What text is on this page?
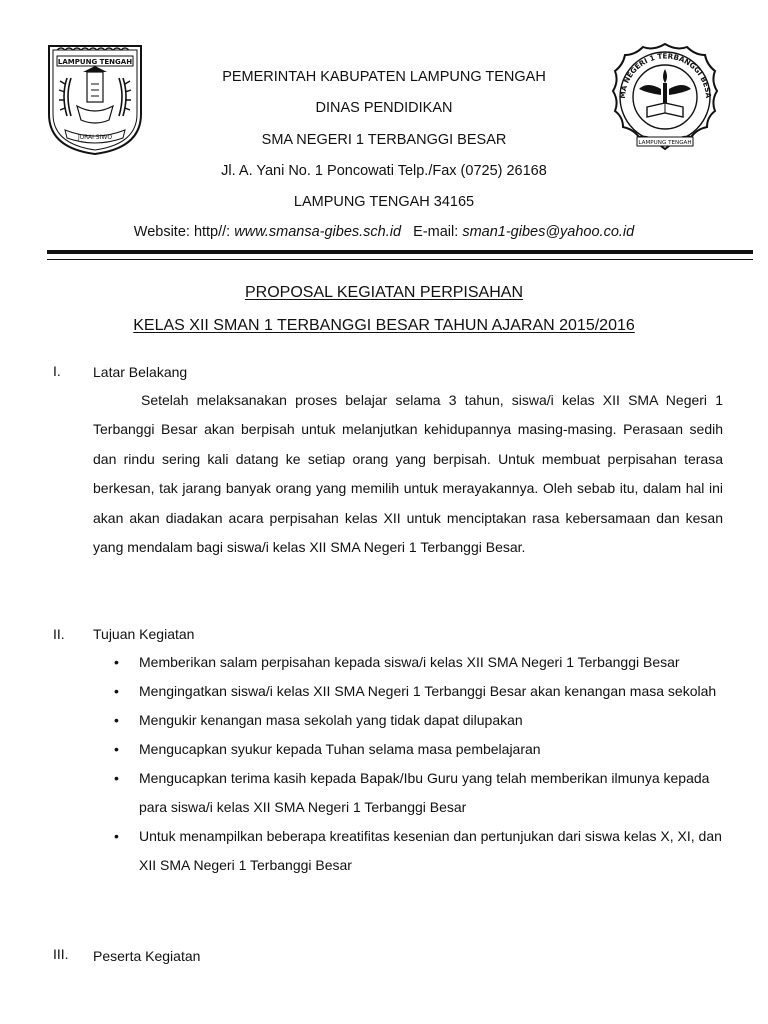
LAMPUNG TENGAH
JURAI SIWO
MA NEGERI 1 TERBANGGI BESA
LAMPUNG TENGAH
PEMERINTAH KABUPATEN LAMPUNG TENGAH
DINAS PENDIDIKAN
SMA NEGERI 1 TERBANGGI BESAR
Jl. A. Yani No. 1 Poncowati Telp./Fax (0725) 26168
LAMPUNG TENGAH 34165
Website: http//: www.smansa-gibes.sch.id   E-mail: sman1-gibes@yahoo.co.id
PROPOSAL KEGIATAN PERPISAHAN
KELAS XII SMAN 1 TERBANGGI BESAR TAHUN AJARAN 2015/2016
I. Latar Belakang
Setelah melaksanakan proses belajar selama 3 tahun, siswa/i kelas XII SMA Negeri 1 Terbanggi Besar akan berpisah untuk melanjutkan kehidupannya masing-masing. Perasaan sedih dan rindu sering kali datang ke setiap orang yang berpisah. Untuk membuat perpisahan terasa berkesan, tak jarang banyak orang yang memilih untuk merayakannya. Oleh sebab itu, dalam hal ini akan akan diadakan acara perpisahan kelas XII untuk menciptakan rasa kebersamaan dan kesan yang mendalam bagi siswa/i kelas XII SMA Negeri 1 Terbanggi Besar.
II. Tujuan Kegiatan
• Memberikan salam perpisahan kepada siswa/i kelas XII SMA Negeri 1 Terbanggi Besar
• Mengingatkan siswa/i kelas XII SMA Negeri 1 Terbanggi Besar akan kenangan masa sekolah
• Mengukir kenangan masa sekolah yang tidak dapat dilupakan
• Mengucapkan syukur kepada Tuhan selama masa pembelajaran
• Mengucapkan terima kasih kepada Bapak/Ibu Guru yang telah memberikan ilmunya kepada para siswa/i kelas XII SMA Negeri 1 Terbanggi Besar
• Untuk menampilkan beberapa kreatifitas kesenian dan pertunjukan dari siswa kelas X, XI, dan XII SMA Negeri 1 Terbanggi Besar
III. Peserta Kegiatan
